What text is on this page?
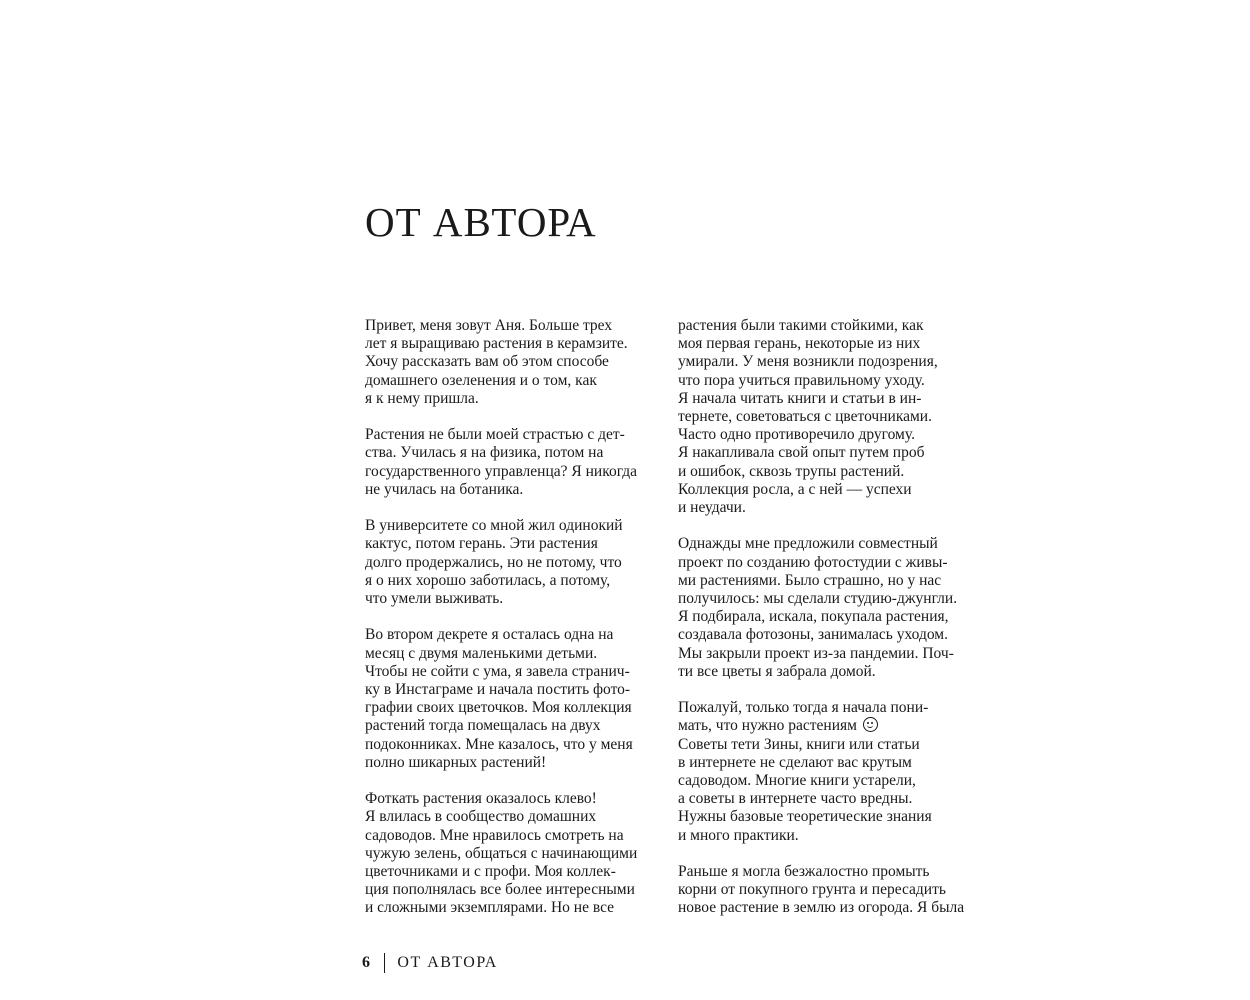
ОТ АВТОРА

Привет, меня зовут Аня. Больше трех
лет я выращиваю растения в керамзите.
Хочу рассказать вам об этом способе
домашнего озеленения и о том, как
я к нему пришла.

Растения не были моей страстью с дет-
ства. Училась я на физика, потом на
государственного управленца? Я никогда
не училась на ботаника.

В университете со мной жил одинокий
кактус, потом герань. Эти растения
долго продержались, но не потому, что
я о них хорошо заботилась, а потому,
что умели выживать.

Во втором декрете я осталась одна на
месяц с двумя маленькими детьми.
Чтобы не сойти с ума, я завела странич-
ку в Инстаграме и начала постить фото-
графии своих цветочков. Моя коллекция
растений тогда помещалась на двух
подоконниках. Мне казалось, что у меня
полно шикарных растений!

Фоткать растения оказалось клево!
Я влилась в сообщество домашних
садоводов. Мне нравилось смотреть на
чужую зелень, общаться с начинающими
цветочниками и с профи. Моя коллек-
ция пополнялась все более интересными
и сложными экземплярами. Но не все

растения были такими стойкими, как
моя первая герань, некоторые из них
умирали. У меня возникли подозрения,
что пора учиться правильному уходу.
Я начала читать книги и статьи в ин-
тернете, советоваться с цветочниками.
Часто одно противоречило другому.
Я накапливала свой опыт путем проб
и ошибок, сквозь трупы растений.
Коллекция росла, а с ней — успехи
и неудачи.

Однажды мне предложили совместный
проект по созданию фотостудии с живы-
ми растениями. Было страшно, но у нас
получилось: мы сделали студию-джунгли.
Я подбирала, искала, покупала растения,
создавала фотозоны, занималась уходом.
Мы закрыли проект из-за пандемии. Поч-
ти все цветы я забрала домой.

Пожалуй, только тогда я начала пони-
мать, что нужно растениям
Советы тети Зины, книги или статьи
в интернете не сделают вас крутым
садоводом. Многие книги устарели,
а советы в интернете часто вредны.
Нужны базовые теоретические знания
и много практики.

Раньше я могла безжалостно промыть
корни от покупного грунта и пересадить
новое растение в землю из огорода. Я была

6 ОТ АВТОРА
